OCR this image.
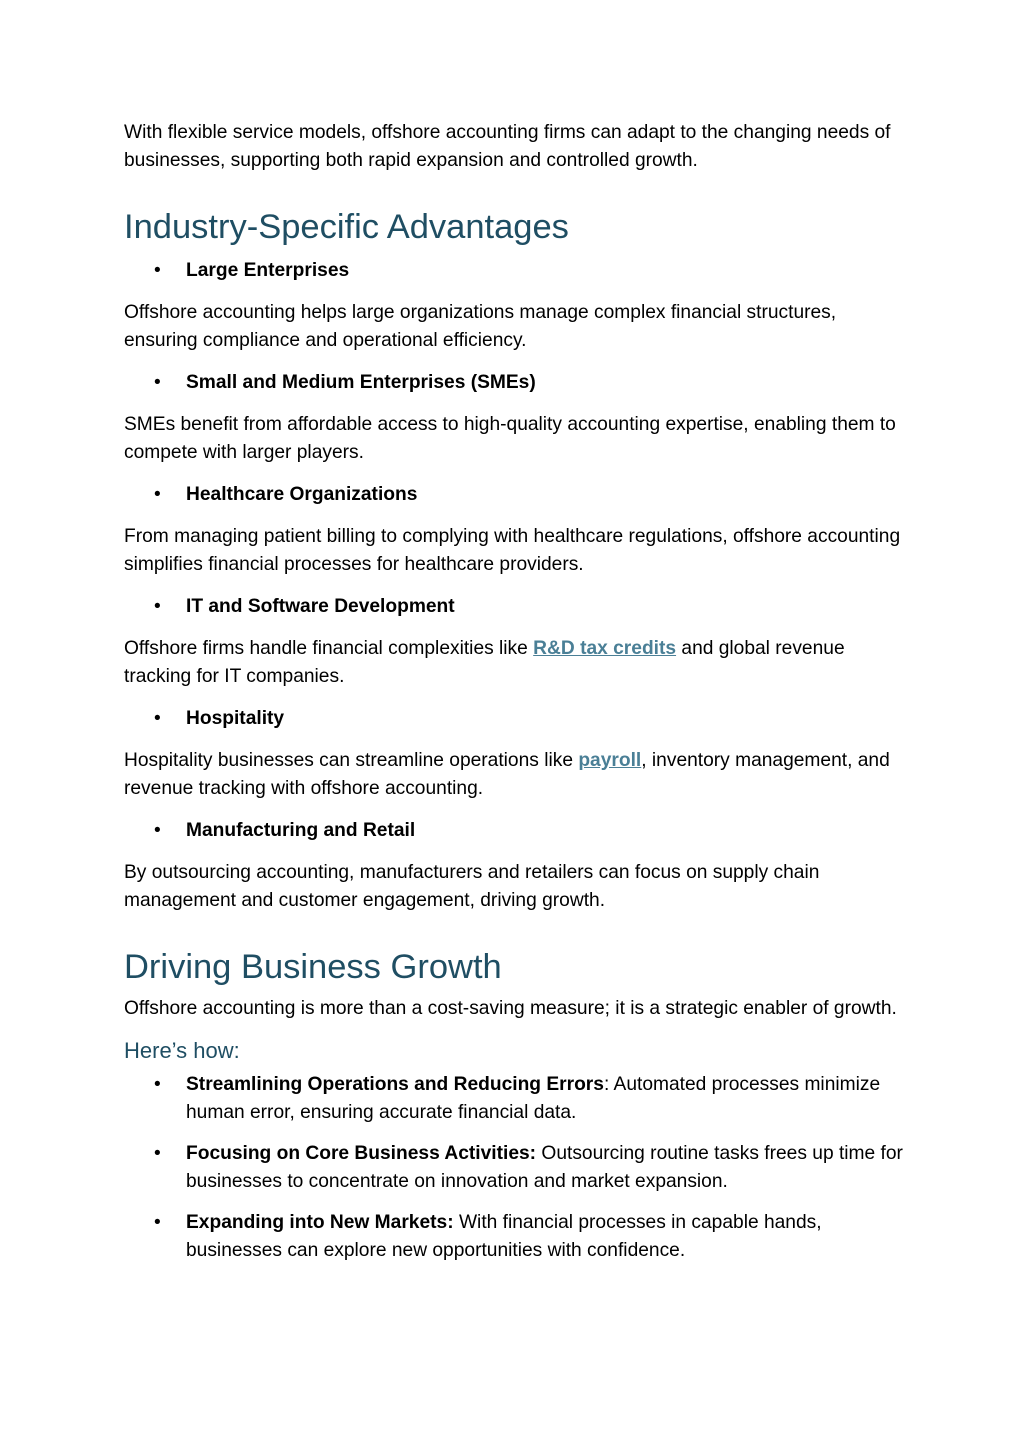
With flexible service models, offshore accounting firms can adapt to the changing needs of businesses, supporting both rapid expansion and controlled growth.

Industry-Specific Advantages
• Large Enterprises

Offshore accounting helps large organizations manage complex financial structures, ensuring compliance and operational efficiency.

• Small and Medium Enterprises (SMEs)

SMEs benefit from affordable access to high-quality accounting expertise, enabling them to compete with larger players.

• Healthcare Organizations

From managing patient billing to complying with healthcare regulations, offshore accounting simplifies financial processes for healthcare providers.

• IT and Software Development

Offshore firms handle financial complexities like R&D tax credits and global revenue tracking for IT companies.

• Hospitality

Hospitality businesses can streamline operations like payroll, inventory management, and revenue tracking with offshore accounting.

• Manufacturing and Retail

By outsourcing accounting, manufacturers and retailers can focus on supply chain management and customer engagement, driving growth.

Driving Business Growth

Offshore accounting is more than a cost-saving measure; it is a strategic enabler of growth.

Here’s how:
• Streamlining Operations and Reducing Errors: Automated processes minimize human error, ensuring accurate financial data.
• Focusing on Core Business Activities: Outsourcing routine tasks frees up time for businesses to concentrate on innovation and market expansion.
• Expanding into New Markets: With financial processes in capable hands, businesses can explore new opportunities with confidence.
